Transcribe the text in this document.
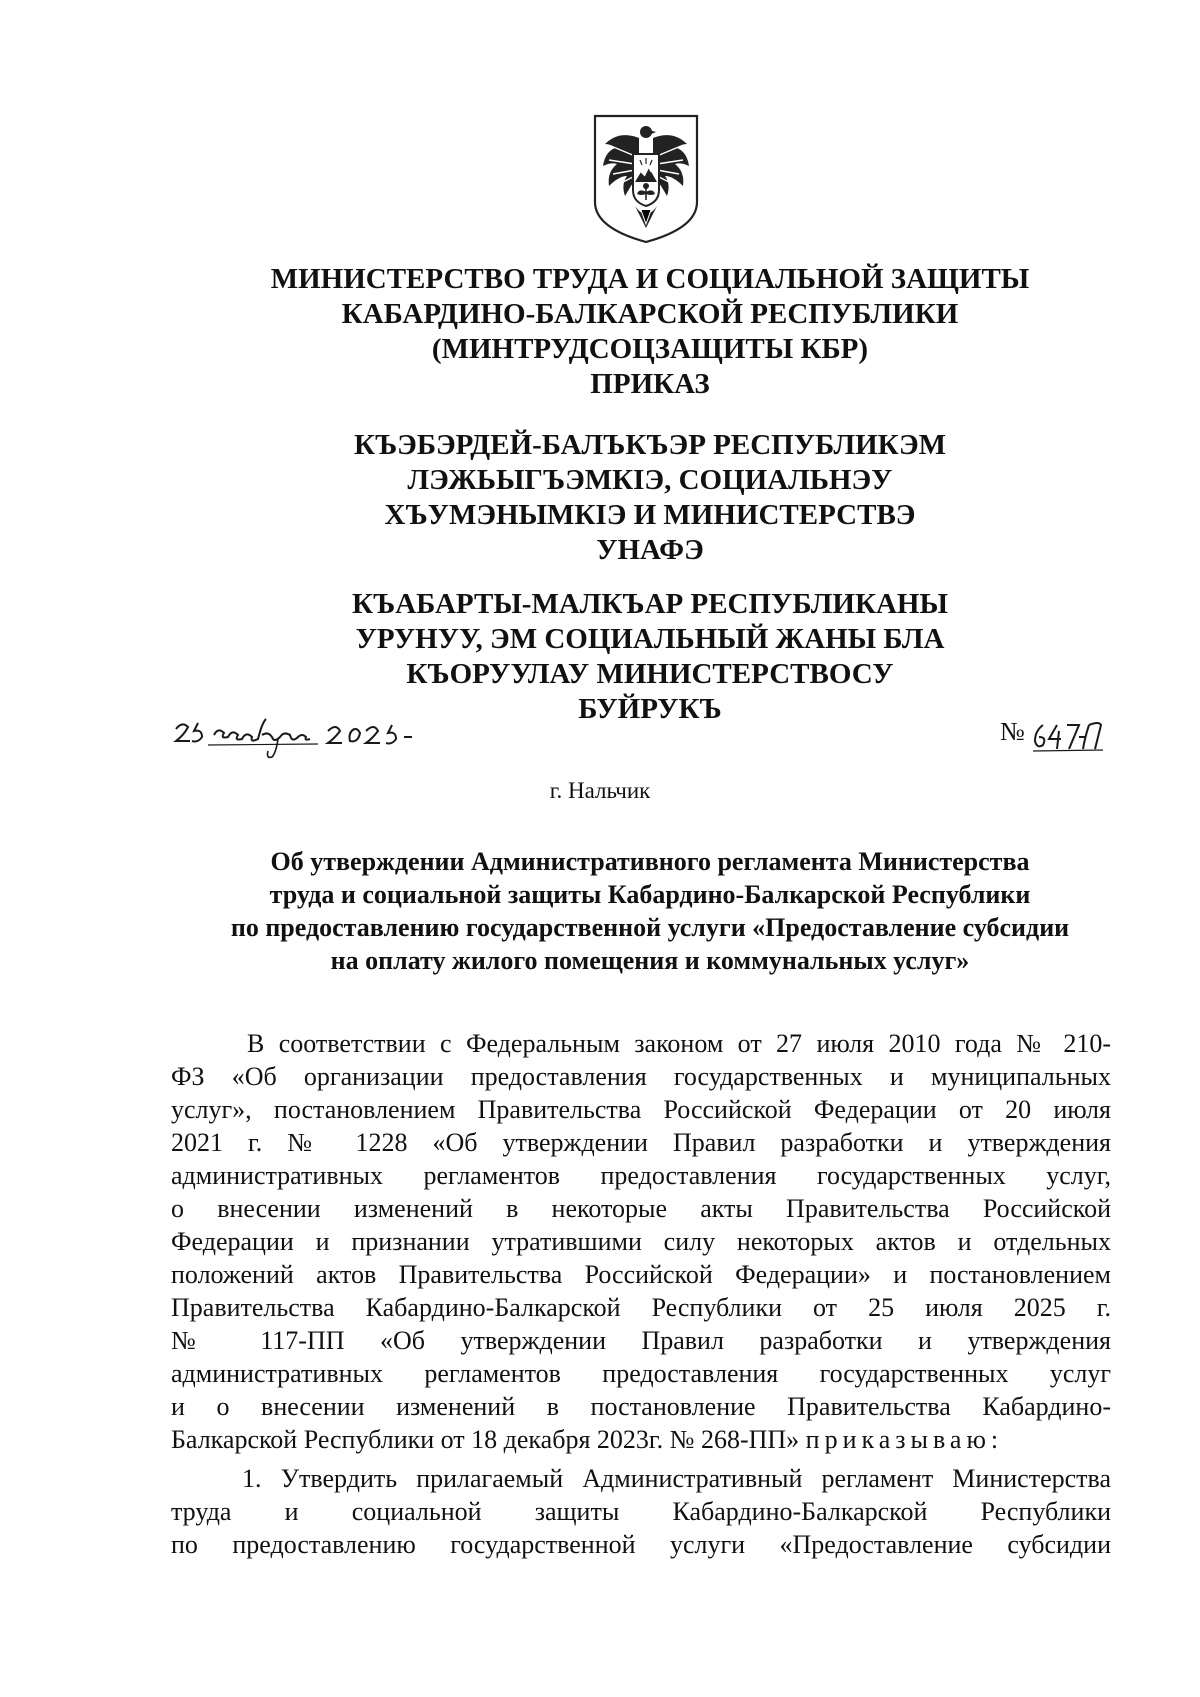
МИНИСТЕРСТВО ТРУДА И СОЦИАЛЬНОЙ ЗАЩИТЫ
КАБАРДИНО-БАЛКАРСКОЙ РЕСПУБЛИКИ
(МИНТРУДСОЦЗАЩИТЫ КБР)
ПРИКАЗ
КЪЭБЭРДЕЙ-БАЛЪКЪЭР РЕСПУБЛИКЭМ
ЛЭЖЬЫГЪЭМКIЭ, СОЦИАЛЬНЭУ
ХЪУМЭНЫМКIЭ И МИНИСТЕРСТВЭ
УНАФЭ
КЪАБАРТЫ-МАЛКЪАР РЕСПУБЛИКАНЫ
УРУНУУ, ЭМ СОЦИАЛЬНЫЙ ЖАНЫ БЛА
КЪОРУУЛАУ МИНИСТЕРСТВОСУ
БУЙРУКЪ
№
г. Нальчик
Об утверждении Административного регламента Министерства
труда и социальной защиты Кабардино-Балкарской Республики
по предоставлению государственной услуги «Предоставление субсидии
на оплату жилого помещения и коммунальных услуг»
В соответствии с Федеральным законом от 27 июля 2010 года № 210-
ФЗ «Об организации предоставления государственных и муниципальных
услуг», постановлением Правительства Российской Федерации от 20 июля
2021 г. № 1228 «Об утверждении Правил разработки и утверждения
административных регламентов предоставления государственных услуг,
о внесении изменений в некоторые акты Правительства Российской
Федерации и признании утратившими силу некоторых актов и отдельных
положений актов Правительства Российской Федерации» и постановлением
Правительства Кабардино-Балкарской Республики от 25 июля 2025 г.
№ 117-ПП «Об утверждении Правил разработки и утверждения
административных регламентов предоставления государственных услуг
и о внесении изменений в постановление Правительства Кабардино-
Балкарской Республики от 18 декабря 2023г. № 268-ПП» приказываю:
1. Утвердить прилагаемый Административный регламент Министерства
труда и социальной защиты Кабардино-Балкарской Республики
по предоставлению государственной услуги «Предоставление субсидии
